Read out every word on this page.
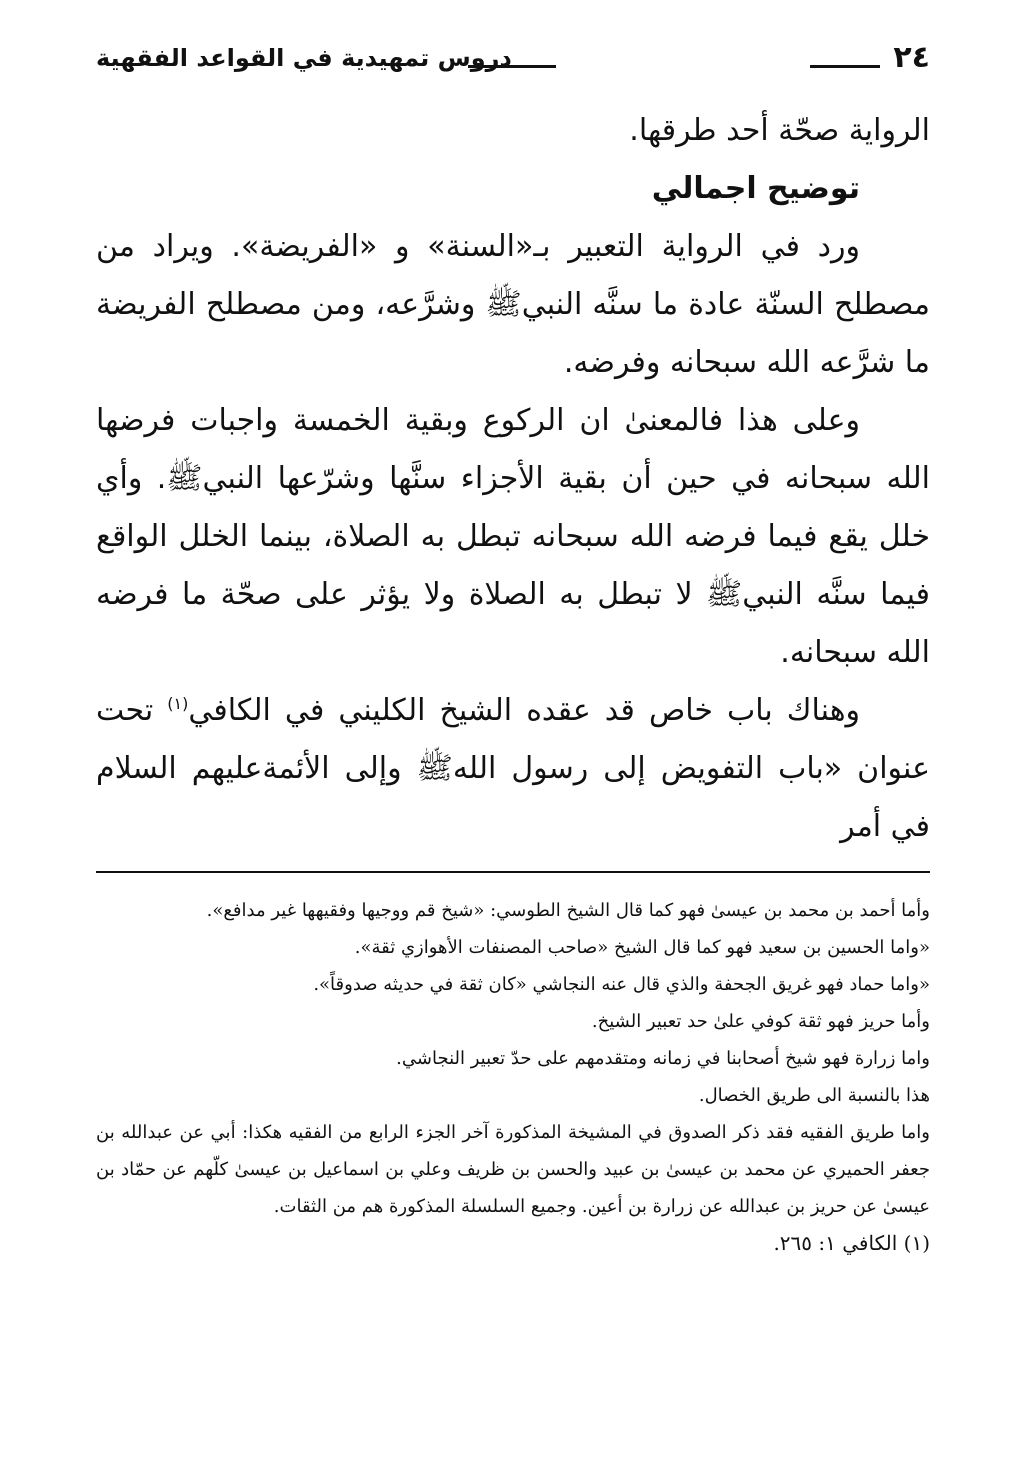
٢٤
دروس تمهيدية في القواعد الفقهية

الرواية صحّة أحد طرقها.

توضيح اجمالي

ورد في الرواية التعبير بـ«السنة» و «الفريضة». ويراد من مصطلح السنّة عادة ما سنَّه النبيﷺ وشرَّعه، ومن مصطلح الفريضة ما شرَّعه الله سبحانه وفرضه.

وعلى هذا فالمعنىٰ ان الركوع وبقية الخمسة واجبات فرضها الله سبحانه في حين أن بقية الأجزاء سنَّها وشرّعها النبيﷺ. وأي خلل يقع فيما فرضه الله سبحانه تبطل به الصلاة، بينما الخلل الواقع فيما سنَّه النبيﷺ لا تبطل به الصلاة ولا يؤثر على صحّة ما فرضه الله سبحانه.

وهناك باب خاص قد عقده الشيخ الكليني في الكافي$^{(١)}$ تحت عنوان «باب التفويض إلى رسول اللهﷺ وإلى الأئمةعليهم السلام في أمر

وأما أحمد بن محمد بن عيسىٰ فهو كما قال الشيخ الطوسي: «شيخ قم ووجيها وفقيهها غير مدافع».

«واما الحسين بن سعيد فهو كما قال الشيخ «صاحب المصنفات الأهوازي ثقة».

«واما حماد فهو غريق الجحفة والذي قال عنه النجاشي «كان ثقة في حديثه صدوقاً».

وأما حريز فهو ثقة كوفي علىٰ حد تعبير الشيخ.

واما زرارة فهو شيخ أصحابنا في زمانه ومتقدمهم على حدّ تعبير النجاشي.

هذا بالنسبة الى طريق الخصال.

واما طريق الفقيه فقد ذكر الصدوق في المشيخة المذكورة آخر الجزء الرابع من الفقيه هكذا: أبي عن عبدالله بن جعفر الحميري عن محمد بن عيسىٰ بن عبيد والحسن بن ظريف وعلي بن اسماعيل بن عيسىٰ كلّهم عن حمّاد بن عيسىٰ عن حريز بن عبدالله عن زرارة بن أعين. وجميع السلسلة المذكورة هم من الثقات.

(١) الكافي ١: ٢٦٥.
